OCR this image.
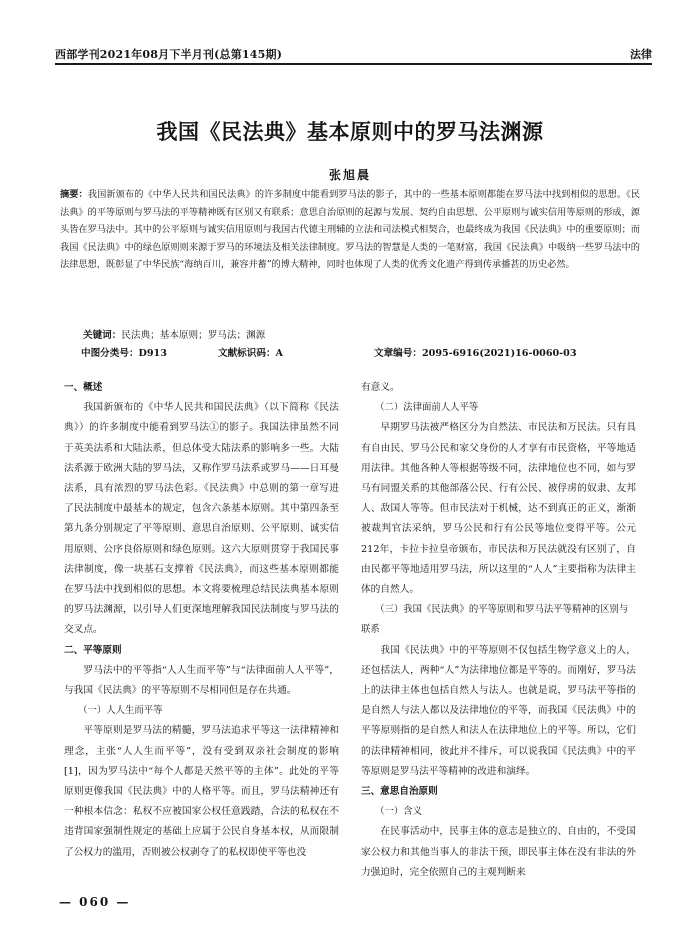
西部学刊2021年08月下半月刊(总第145期)	法律
我国《民法典》基本原则中的罗马法渊源
张旭晨
摘要：我国新颁布的《中华人民共和国民法典》的许多制度中能看到罗马法的影子，其中的一些基本原则都能在罗马法中找到相似的思想。《民法典》的平等原则与罗马法的平等精神既有区别又有联系；意思自治原则的起源与发展、契约自由思想、公平原则与诚实信用等原则的形成，源头皆在罗马法中。其中的公平原则与诚实信用原则与我国古代德主刑辅的立法和司法模式相契合，也最终成为我国《民法典》中的重要原则；而我国《民法典》中的绿色原则则来源于罗马的环境法及相关法律制度。罗马法的智慧是人类的一笔财富，我国《民法典》中吸纳一些罗马法中的法律思想，既彰显了中华民族“海纳百川，兼容并蓄”的博大精神，同时也体现了人类的优秀文化遗产得到传承播甚的历史必然。
关键词：民法典；基本原则；罗马法；渊源
中图分类号：D913	文献标识码：A	文章编号：2095-6916(2021)16-0060-03
一、概述
我国新颁布的《中华人民共和国民法典》（以下简称《民法典》）的许多制度中能看到罗马法①的影子。我国法律虽然不同于英美法系和大陆法系，但总体受大陆法系的影响多一些。大陆法系源于欧洲大陆的罗马法，又称作罗马法系或罗马——日耳曼法系，具有浓烈的罗马法色彩。《民法典》中总则的第一章写进了民法制度中最基本的规定，包含六条基本原则。其中第四条至第九条分别规定了平等原则、意思自治原则、公平原则、诚实信用原则、公序良俗原则和绿色原则。这六大原则贯穿于我国民事法律制度，像一块基石支撑着《民法典》，而这些基本原则都能在罗马法中找到相似的思想。本文将要梳理总结民法典基本原则的罗马法渊源，以引导人们更深地理解我国民法制度与罗马法的交叉点。
二、平等原则
罗马法中的平等指“人人生而平等”与“法律面前人人平等”，与我国《民法典》的平等原则不尽相同但是存在共通。
（一）人人生而平等
平等原则是罗马法的精髓，罗马法追求平等这一法律精神和理念，主张“人人生而平等”，没有受到双亲社会制度的影响[1]，因为罗马法中“每个人都是天然平等的主体”。此处的平等原则更像我国《民法典》中的人格平等。而且，罗马法精神还有一种根本信念：私权不应被国家公权任意践踏，合法的私权在不违背国家强制性规定的基础上应属于公民自身基本权，从而限制了公权力的滥用，否则被公权剥夺了的私权即使平等也没
有意义。
（二）法律面前人人平等
早期罗马法被严格区分为自然法、市民法和万民法。只有具有自由民、罗马公民和家父身份的人才享有市民资格，平等地适用法律。其他各种人等根据等级不同，法律地位也不同，如与罗马有同盟关系的其他部落公民、行有公民、被俘虏的奴隶、友邦人、敌国人等等。但市民法对于机械，达不到真正的正义，渐渐被裁判官法采纳，罗马公民和行有公民等地位变得平等。公元212年，卡拉卡拉皇帝颁布，市民法和万民法就没有区别了，自由民都平等地适用罗马法，所以这里的“人人”主要指称为法律主体的自然人。
（三）我国《民法典》的平等原则和罗马法平等精神的区别与联系
我国《民法典》中的平等原则不仅包括生物学意义上的人，还包括法人，两种“人”为法律地位都是平等的。而刚好，罗马法上的法律主体也包括自然人与法人。也就是说，罗马法平等指的是自然人与法人都以及法律地位的平等，而我国《民法典》中的平等原则指的是自然人和法人在法律地位上的平等。所以，它们的法律精神相同，彼此并不排斥，可以说我国《民法典》中的平等原则是罗马法平等精神的改进和演绎。
三、意思自治原则
（一）含义
在民事活动中，民事主体的意志是独立的、自由的，不受国家公权力和其他当事人的非法干预，即民事主体在没有非法的外力强迫时，完全依照自己的主观判断来
— 060 —
